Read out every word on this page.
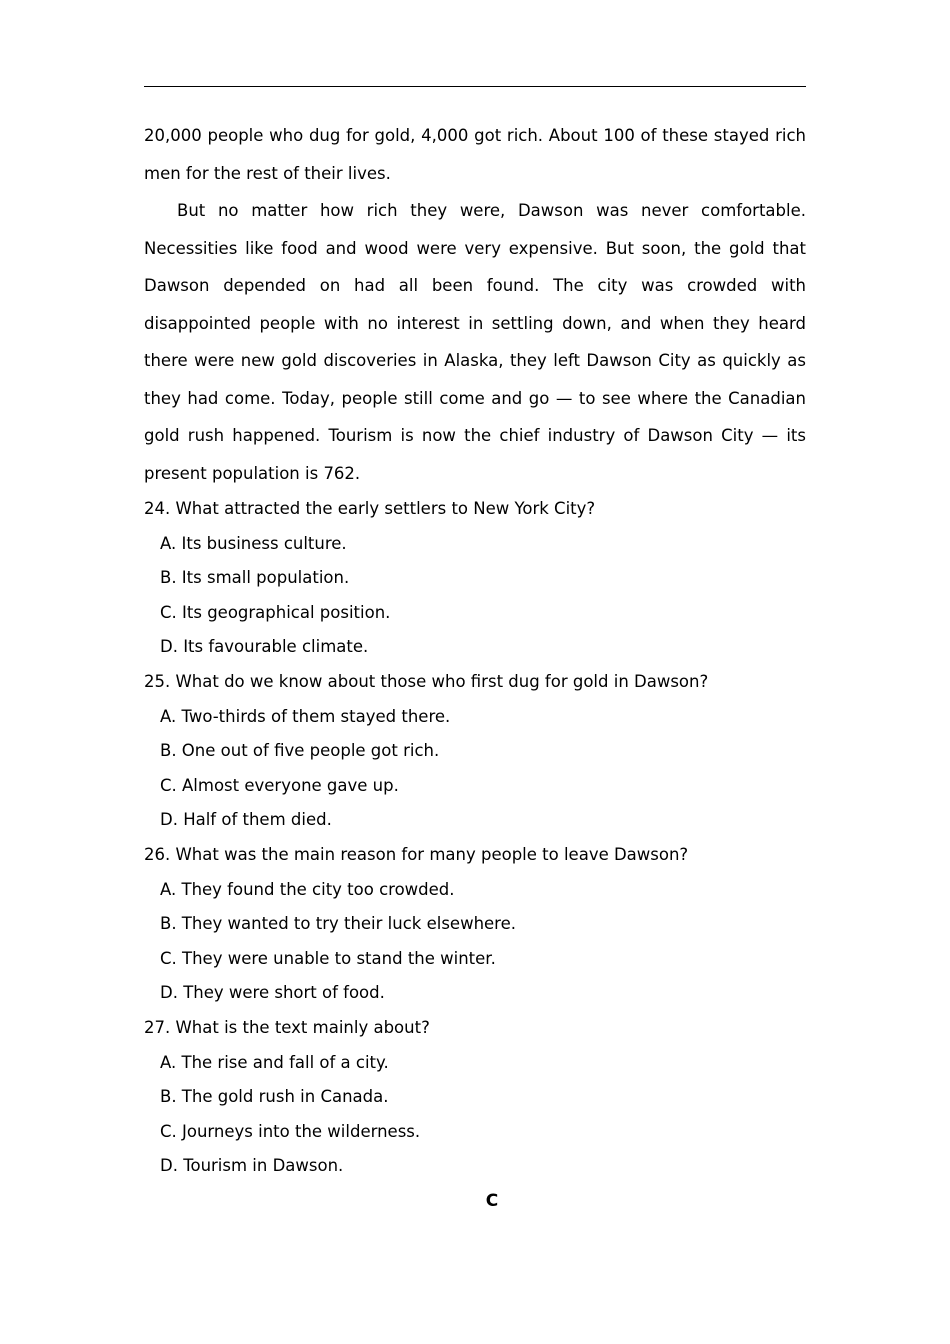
20,000 people who dug for gold, 4,000 got rich. About 100 of these stayed rich men for the rest of their lives.

But no matter how rich they were, Dawson was never comfortable. Necessities like food and wood were very expensive. But soon, the gold that Dawson depended on had all been found. The city was crowded with disappointed people with no interest in settling down, and when they heard there were new gold discoveries in Alaska, they left Dawson City as quickly as they had come. Today, people still come and go — to see where the Canadian gold rush happened. Tourism is now the chief industry of Dawson City — its present population is 762.

24. What attracted the early settlers to New York City?

A. Its business culture.

B. Its small population.

C. Its geographical position.

D. Its favourable climate.

25. What do we know about those who first dug for gold in Dawson?

A. Two-thirds of them stayed there.

B. One out of five people got rich.

C. Almost everyone gave up.

D. Half of them died.

26. What was the main reason for many people to leave Dawson?

A. They found the city too crowded.

B. They wanted to try their luck elsewhere.

C. They were unable to stand the winter.

D. They were short of food.

27. What is the text mainly about?

A. The rise and fall of a city.

B. The gold rush in Canada.

C. Journeys into the wilderness.

D. Tourism in Dawson.

C
